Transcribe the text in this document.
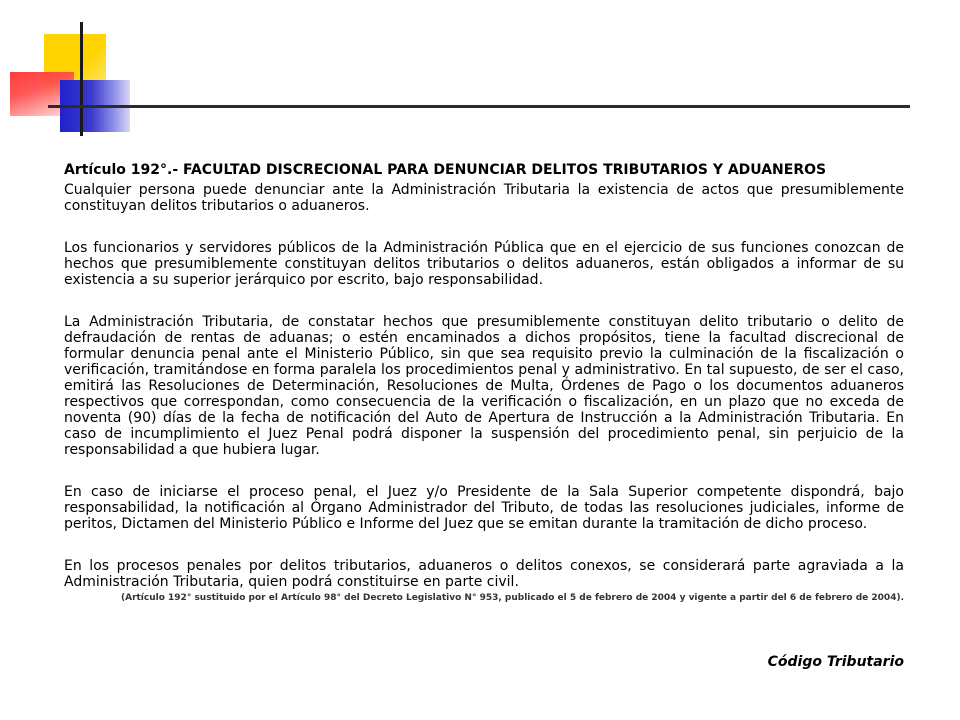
Artículo 192°.- FACULTAD DISCRECIONAL PARA DENUNCIAR DELITOS TRIBUTARIOS Y ADUANEROS

Cualquier persona puede denunciar ante la Administración Tributaria la existencia de actos que presumiblemente constituyan delitos tributarios o aduaneros.

Los funcionarios y servidores públicos de la Administración Pública que en el ejercicio de sus funciones conozcan de hechos que presumiblemente constituyan delitos tributarios o delitos aduaneros, están obligados a informar de su existencia a su superior jerárquico por escrito, bajo responsabilidad.

La Administración Tributaria, de constatar hechos que presumiblemente constituyan delito tributario o delito de defraudación de rentas de aduanas; o estén encaminados a dichos propósitos, tiene la facultad discrecional de formular denuncia penal ante el Ministerio Público, sin que sea requisito previo la culminación de la fiscalización o verificación, tramitándose en forma paralela los procedimientos penal y administrativo. En tal supuesto, de ser el caso, emitirá las Resoluciones de Determinación, Resoluciones de Multa, Órdenes de Pago o los documentos aduaneros respectivos que correspondan, como consecuencia de la verificación o fiscalización, en un plazo que no exceda de noventa (90) días de la fecha de notificación del Auto de Apertura de Instrucción a la Administración Tributaria. En caso de incumplimiento el Juez Penal podrá disponer la suspensión del procedimiento penal, sin perjuicio de la responsabilidad a que hubiera lugar.

En caso de iniciarse el proceso penal, el Juez y/o Presidente de la Sala Superior competente dispondrá, bajo responsabilidad, la notificación al Órgano Administrador del Tributo, de todas las resoluciones judiciales, informe de peritos, Dictamen del Ministerio Público e Informe del Juez que se emitan durante la tramitación de dicho proceso.

En los procesos penales por delitos tributarios, aduaneros o delitos conexos, se considerará parte agraviada a la Administración Tributaria, quien podrá constituirse en parte civil.

(Artículo 192° sustituido por el Artículo 98° del Decreto Legislativo N° 953, publicado el 5 de febrero de 2004 y vigente a partir del 6 de febrero de 2004).

Código Tributario
